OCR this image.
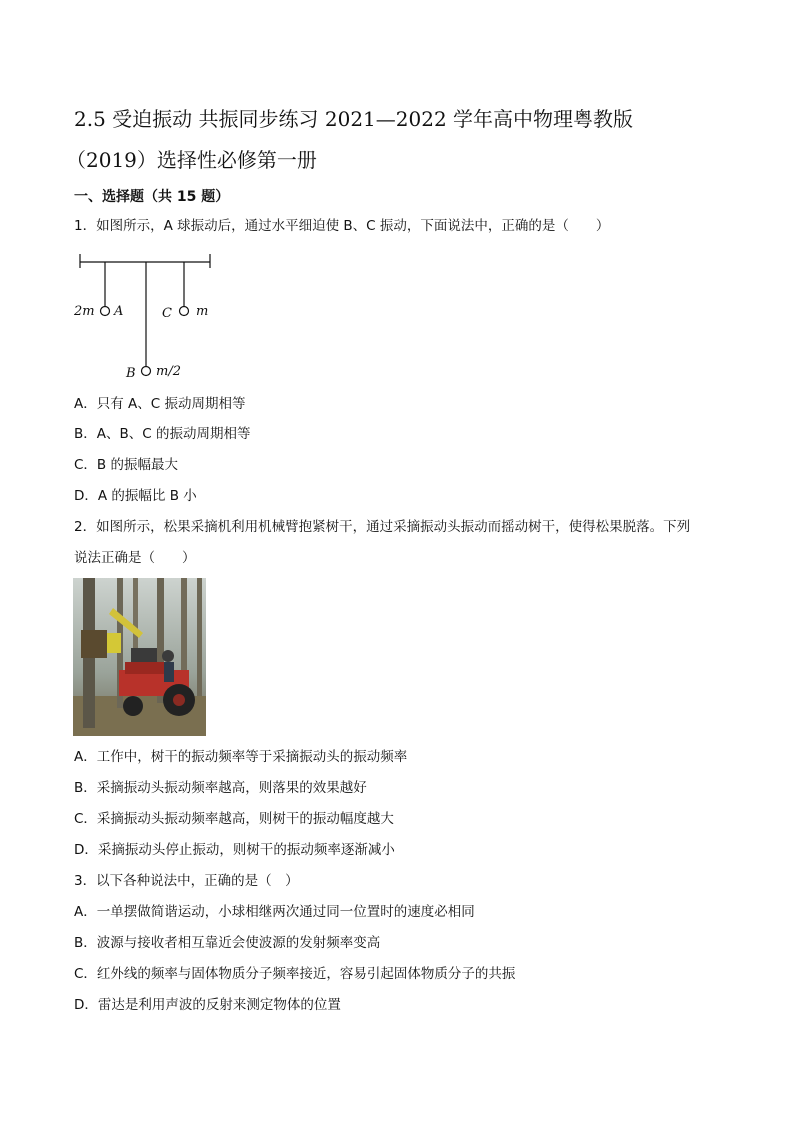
2.5 受迫振动 共振同步练习 2021—2022 学年高中物理粤教版
（2019）选择性必修第一册
一、选择题（共 15 题）
1．如图所示，A 球振动后，通过水平细迫使 B、C 振动，下面说法中，正确的是（　　）
2m A	C m
B m/2
A．只有 A、C 振动周期相等
B．A、B、C 的振动周期相等
C．B 的振幅最大
D．A 的振幅比 B 小
2．如图所示，松果采摘机利用机械臂抱紧树干，通过采摘振动头振动而摇动树干，使得松果脱落。下列
说法正确是（　　）
A．工作中，树干的振动频率等于采摘振动头的振动频率
B．采摘振动头振动频率越高，则落果的效果越好
C．采摘振动头振动频率越高，则树干的振动幅度越大
D．采摘振动头停止振动，则树干的振动频率逐渐减小
3．以下各种说法中，正确的是（　）
A．一单摆做简谐运动，小球相继两次通过同一位置时的速度必相同
B．波源与接收者相互靠近会使波源的发射频率变高
C．红外线的频率与固体物质分子频率接近，容易引起固体物质分子的共振
D．雷达是利用声波的反射来测定物体的位置
